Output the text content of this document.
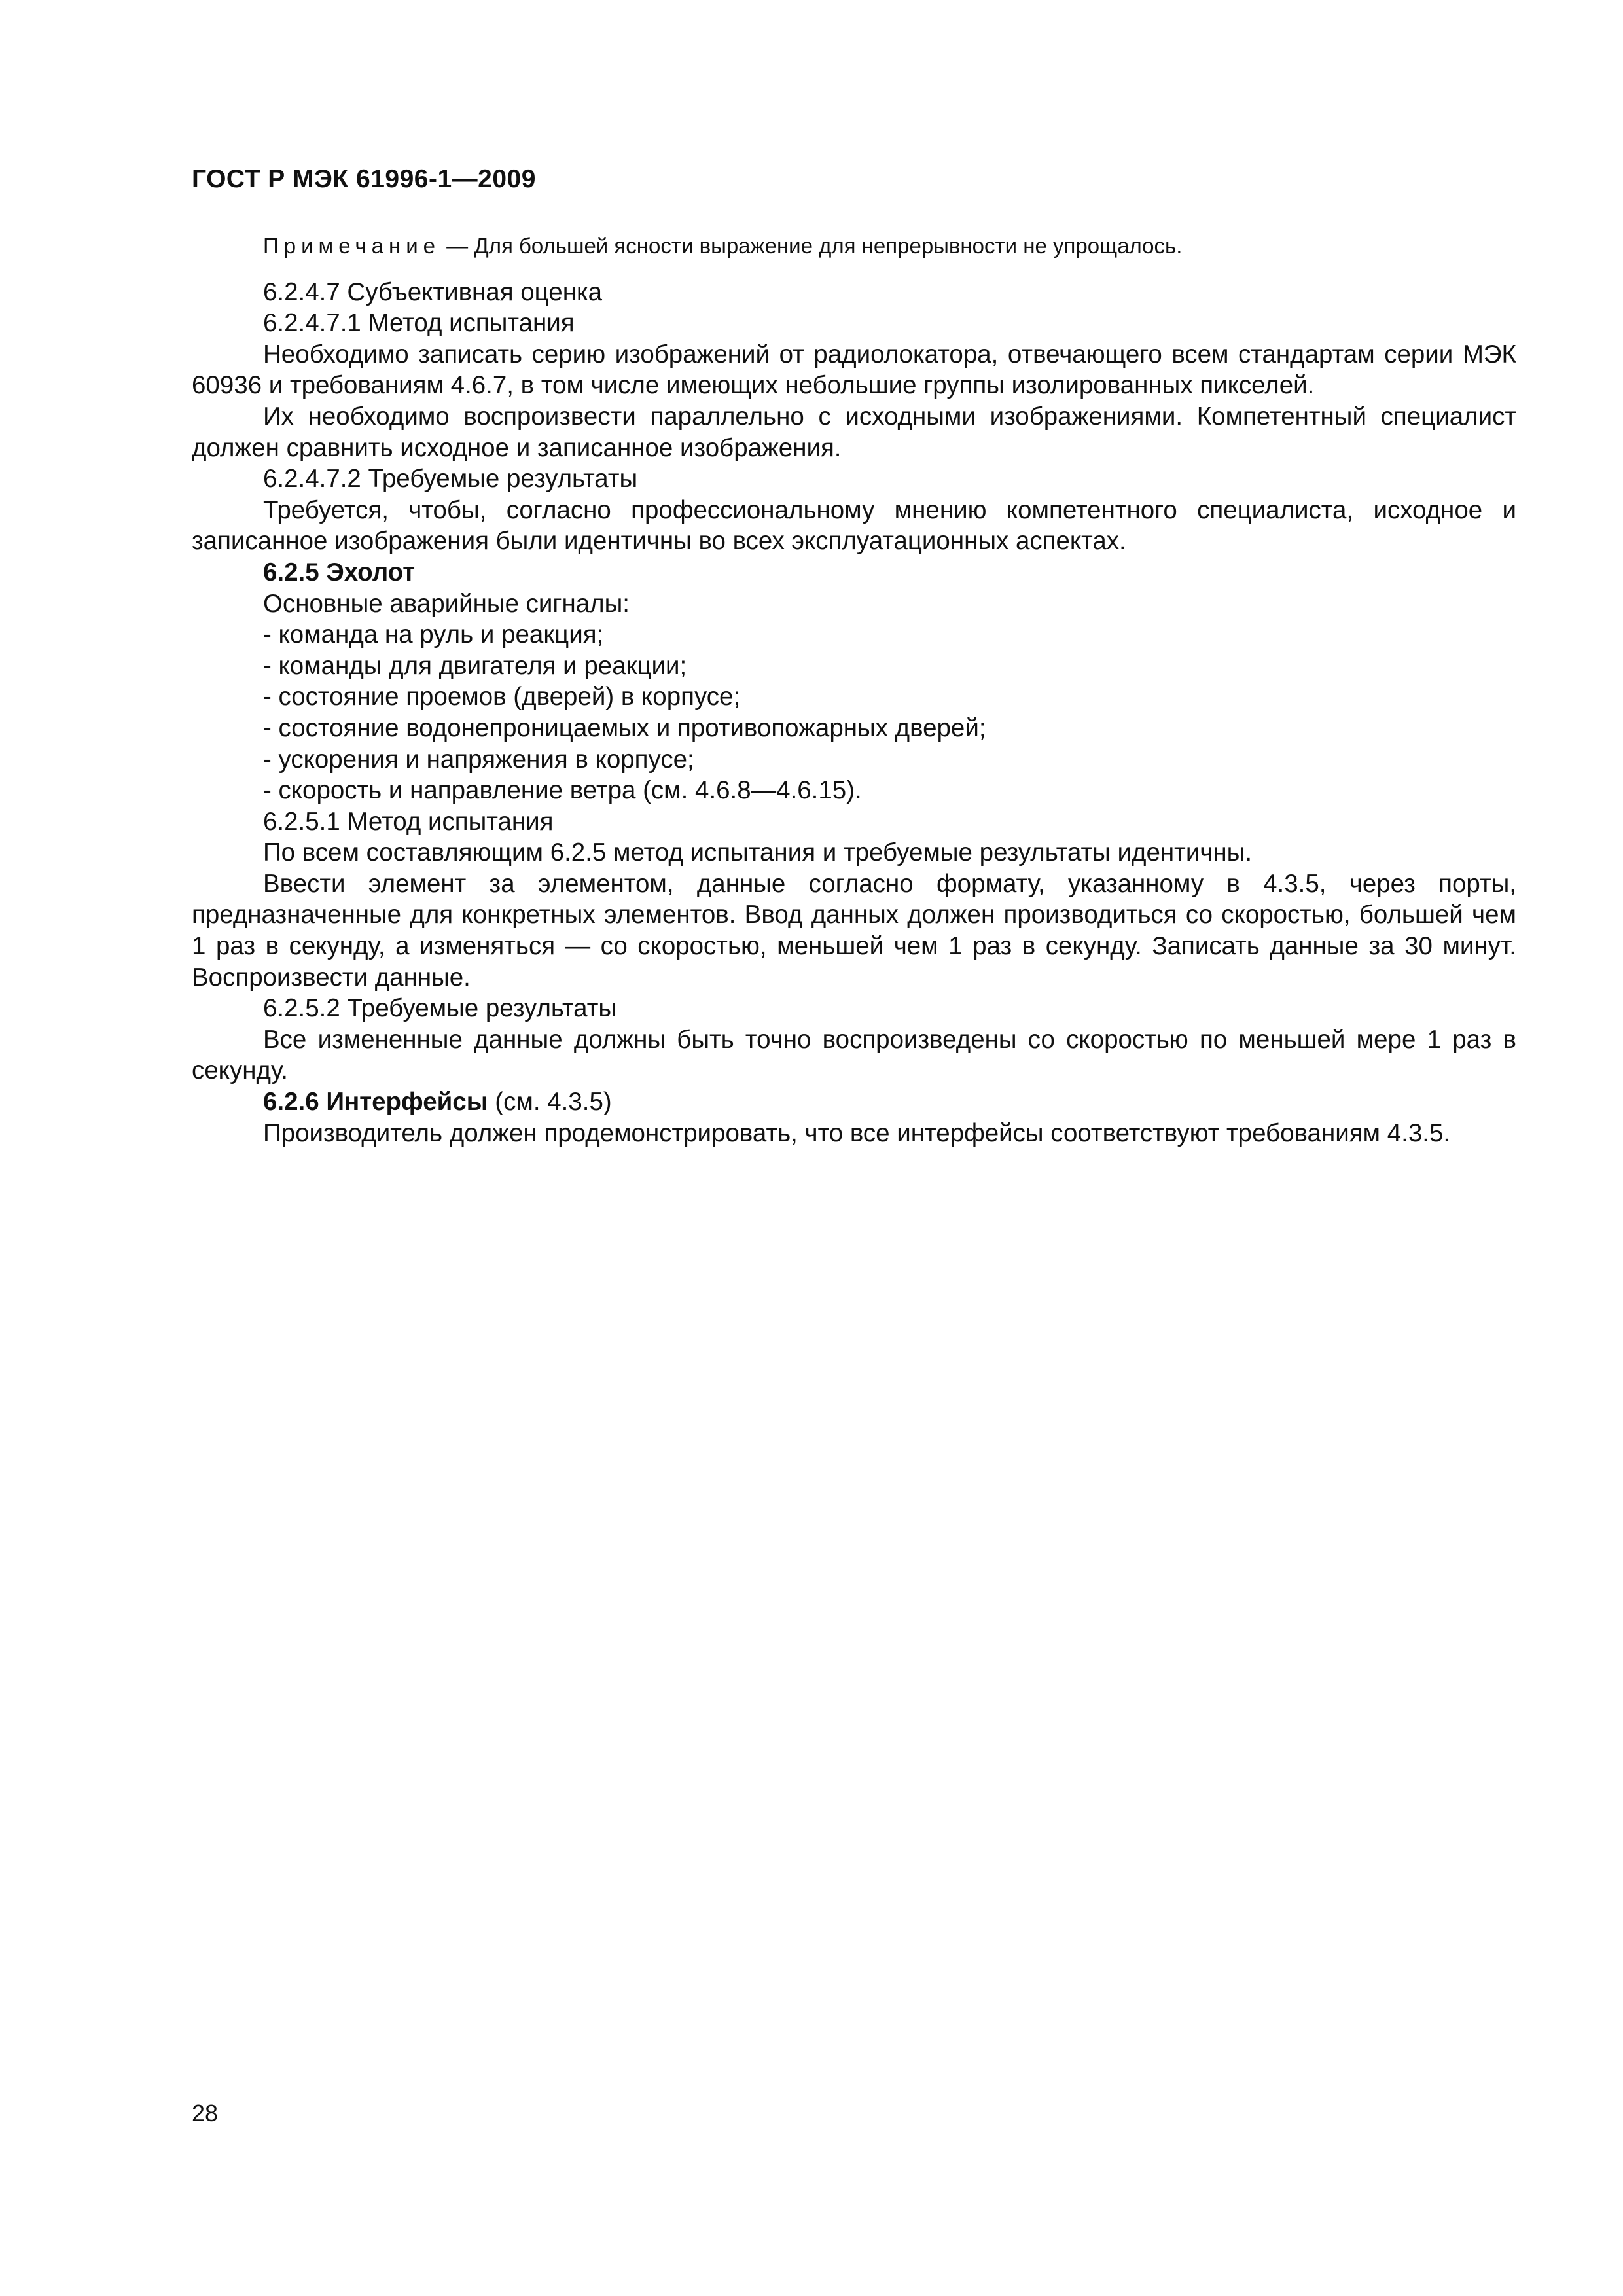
ГОСТ Р МЭК 61996-1—2009

Примечание — Для большей ясности выражение для непрерывности не упрощалось.

6.2.4.7 Субъективная оценка

6.2.4.7.1 Метод испытания

Необходимо записать серию изображений от радиолокатора, отвечающего всем стандартам серии МЭК 60936 и требованиям 4.6.7, в том числе имеющих небольшие группы изолированных пикселей.

Их необходимо воспроизвести параллельно с исходными изображениями. Компетентный специалист должен сравнить исходное и записанное изображения.

6.2.4.7.2 Требуемые результаты

Требуется, чтобы, согласно профессиональному мнению компетентного специалиста, исходное и записанное изображения были идентичны во всех эксплуатационных аспектах.

6.2.5 Эхолот

Основные аварийные сигналы:

- команда на руль и реакция;

- команды для двигателя и реакции;

- состояние проемов (дверей) в корпусе;

- состояние водонепроницаемых и противопожарных дверей;

- ускорения и напряжения в корпусе;

- скорость и направление ветра (см. 4.6.8—4.6.15).

6.2.5.1 Метод испытания

По всем составляющим 6.2.5 метод испытания и требуемые результаты идентичны.

Ввести элемент за элементом, данные согласно формату, указанному в 4.3.5, через порты, предназначенные для конкретных элементов. Ввод данных должен производиться со скоростью, большей чем 1 раз в секунду, а изменяться — со скоростью, меньшей чем 1 раз в секунду. Записать данные за 30 минут. Воспроизвести данные.

6.2.5.2 Требуемые результаты

Все измененные данные должны быть точно воспроизведены со скоростью по меньшей мере 1 раз в секунду.

6.2.6 Интерфейсы (см. 4.3.5)

Производитель должен продемонстрировать, что все интерфейсы соответствуют требованиям 4.3.5.

28
